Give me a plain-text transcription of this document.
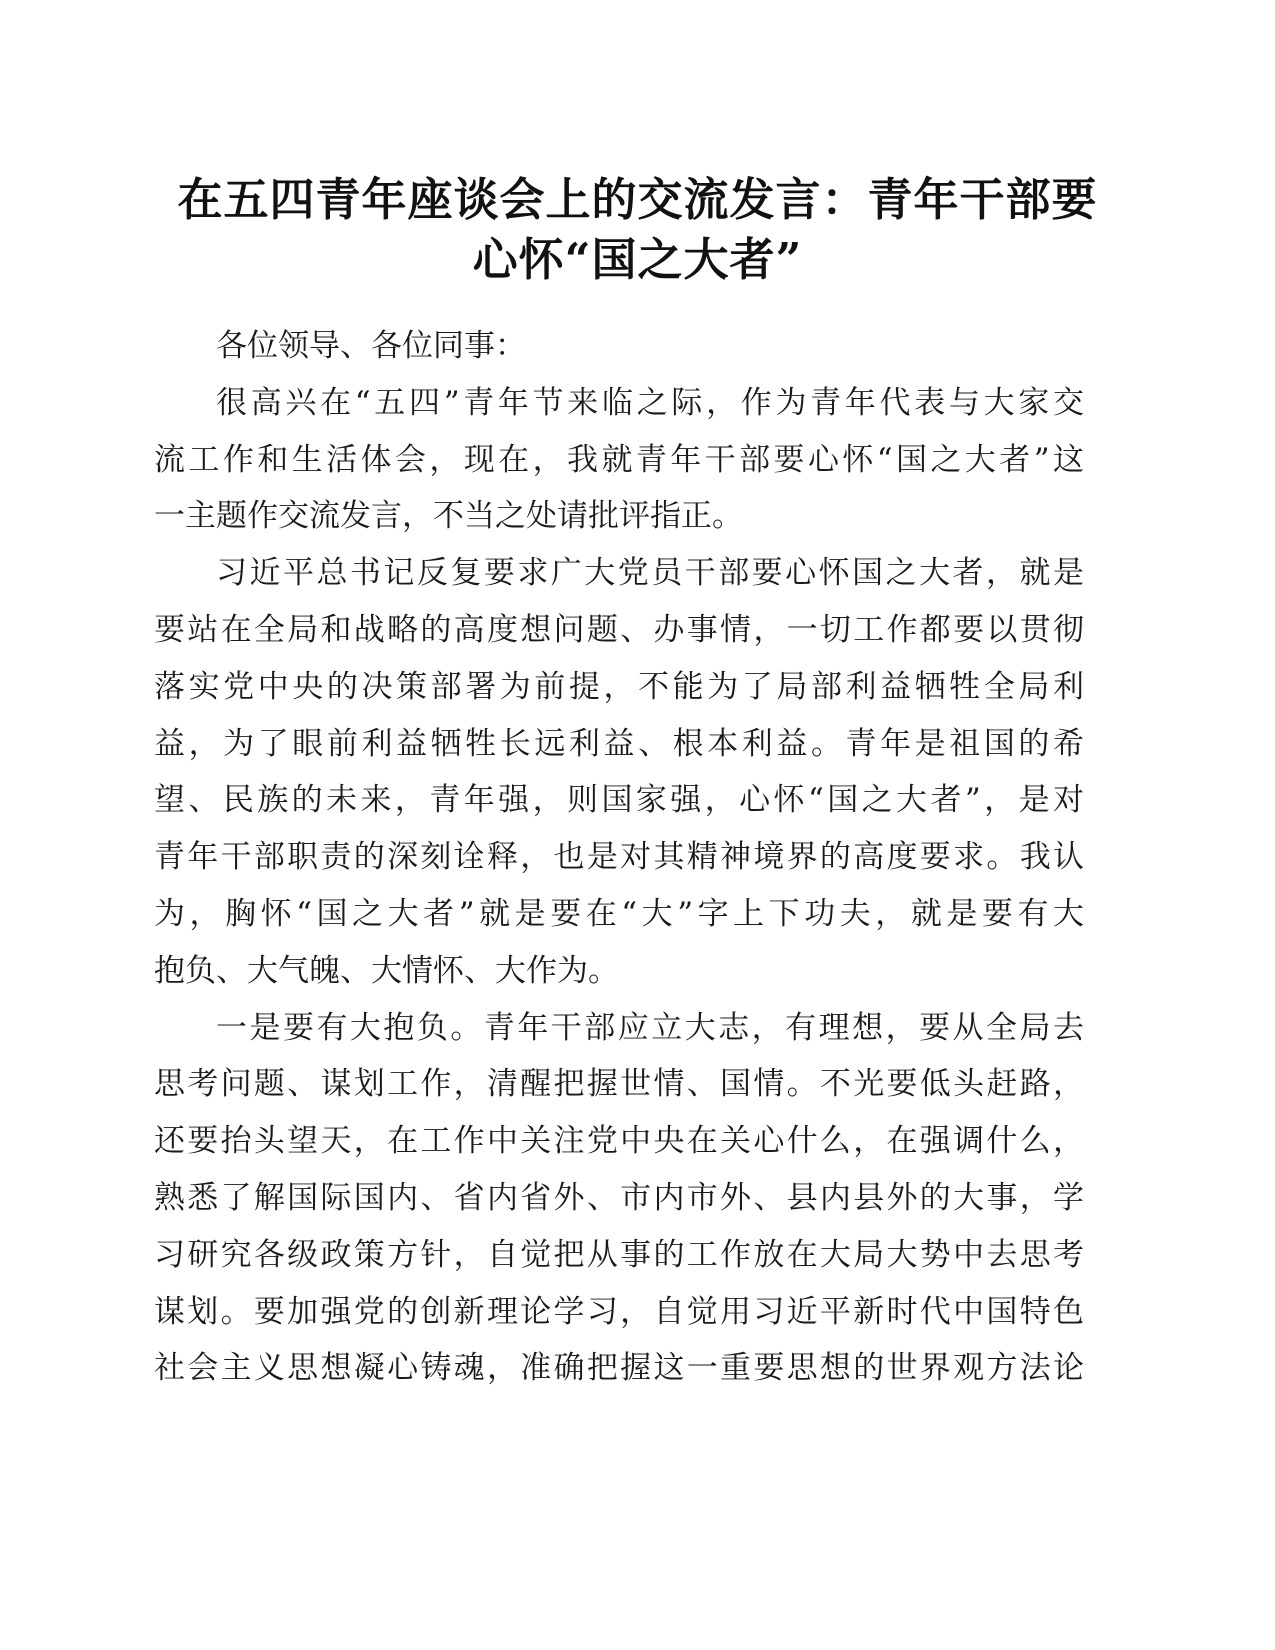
在五四青年座谈会上的交流发言：青年干部要
心怀“国之大者”
各位领导、各位同事：
很高兴在“五四”青年节来临之际，作为青年代表与大家交
流工作和生活体会，现在，我就青年干部要心怀“国之大者”这
一主题作交流发言，不当之处请批评指正。
习近平总书记反复要求广大党员干部要心怀国之大者，就是
要站在全局和战略的高度想问题、办事情，一切工作都要以贯彻
落实党中央的决策部署为前提，不能为了局部利益牺牲全局利
益，为了眼前利益牺牲长远利益、根本利益。青年是祖国的希
望、民族的未来，青年强，则国家强，心怀“国之大者”，是对
青年干部职责的深刻诠释，也是对其精神境界的高度要求。我认
为，胸怀“国之大者”就是要在“大”字上下功夫，就是要有大
抱负、大气魄、大情怀、大作为。
一是要有大抱负。青年干部应立大志，有理想，要从全局去
思考问题、谋划工作，清醒把握世情、国情。不光要低头赶路，
还要抬头望天，在工作中关注党中央在关心什么，在强调什么，
熟悉了解国际国内、省内省外、市内市外、县内县外的大事，学
习研究各级政策方针，自觉把从事的工作放在大局大势中去思考
谋划。要加强党的创新理论学习，自觉用习近平新时代中国特色
社会主义思想凝心铸魂，准确把握这一重要思想的世界观方法论
